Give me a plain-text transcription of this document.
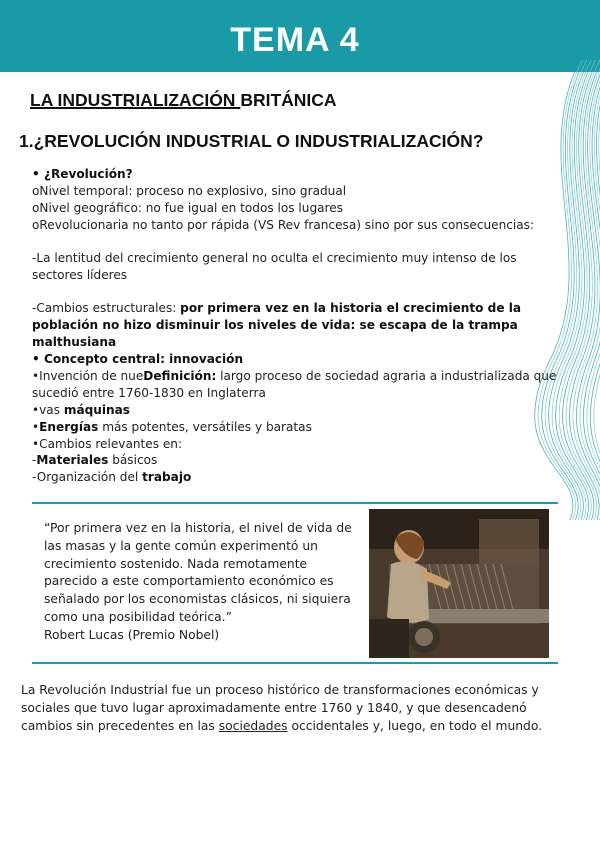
TEMA 4
LA INDUSTRIALIZACIÓN BRITÁNICA
1.¿REVOLUCIÓN INDUSTRIAL O INDUSTRIALIZACIÓN?
• ¿Revolución?
oNivel temporal: proceso no explosivo, sino gradual
oNivel geográfico: no fue igual en todos los lugares
oRevolucionaria no tanto por rápida (VS Rev francesa) sino por sus consecuencias:
-La lentitud del crecimiento general no oculta el crecimiento muy intenso de los sectores líderes
-Cambios estructurales: por primera vez en la historia el crecimiento de la población no hizo disminuir los niveles de vida: se escapa de la trampa malthusiana
• Concepto central: innovación
•Invención de nueDefinición: largo proceso de sociedad agraria a industrializada que sucedió entre 1760-1830 en Inglaterra
•vas máquinas
•Energías más potentes, versátiles y baratas
•Cambios relevantes en:
-Materiales básicos
-Organización del trabajo
“Por primera vez en la historia, el nivel de vida de las masas y la gente común experimentó un crecimiento sostenido. Nada remotamente parecido a este comportamiento económico es señalado por los economistas clásicos, ni siquiera como una posibilidad teórica.”
Robert Lucas (Premio Nobel)
La Revolución Industrial fue un proceso histórico de transformaciones económicas y sociales que tuvo lugar aproximadamente entre 1760 y 1840, y que desencadenó cambios sin precedentes en las sociedades occidentales y, luego, en todo el mundo.
